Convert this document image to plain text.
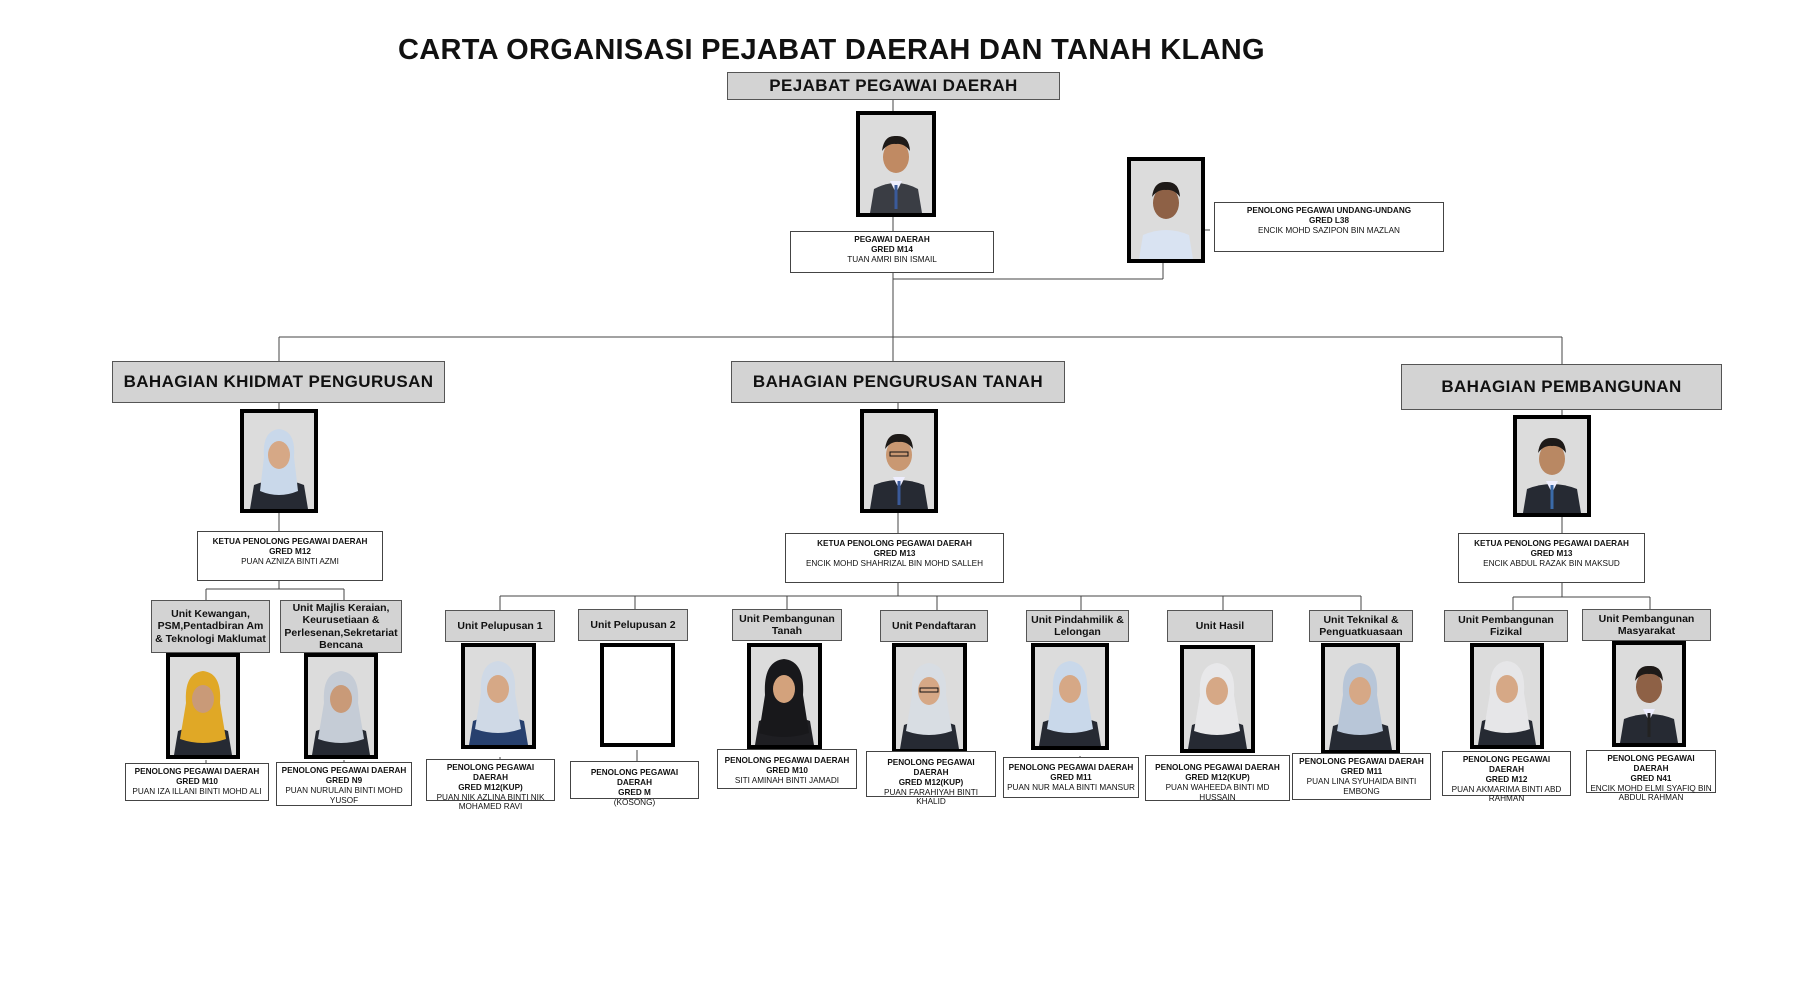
CARTA ORGANISASI PEJABAT DAERAH DAN TANAH KLANG
PEJABAT PEGAWAI DAERAH
PEGAWAI DAERAH
GRED M14
TUAN AMRI BIN ISMAIL
PENOLONG PEGAWAI UNDANG-UNDANG
GRED L38
ENCIK MOHD SAZIPON BIN MAZLAN
BAHAGIAN KHIDMAT PENGURUSAN	BAHAGIAN PENGURUSAN TANAH	BAHAGIAN PEMBANGUNAN
KETUA PENOLONG PEGAWAI DAERAH
GRED M12
PUAN AZNIZA BINTI AZMI
KETUA PENOLONG PEGAWAI DAERAH
GRED M13
ENCIK MOHD SHAHRIZAL BIN MOHD SALLEH
KETUA PENOLONG PEGAWAI DAERAH
GRED M13
ENCIK ABDUL RAZAK BIN MAKSUD
Unit Kewangan, PSM,Pentadbiran Am & Teknologi Maklumat
Unit Majlis Keraian, Keurusetiaan & Perlesenan,Sekretariat Bencana
Unit Pelupusan 1	Unit Pelupusan 2
Unit Pembangunan Tanah	Unit Pendaftaran
Unit Pindahmilik & Lelongan
Unit Hasil
Unit Teknikal & Penguatkuasaan
Unit Pembangunan Fizikal
Unit Pembangunan Masyarakat
PENOLONG PEGAWAI DAERAH
GRED M10
PUAN IZA ILLANI BINTI MOHD ALI
PENOLONG PEGAWAI DAERAH
GRED N9
PUAN NURULAIN BINTI MOHD YUSOF
PENOLONG PEGAWAI DAERAH
GRED M12(KUP)
PUAN NIK AZLINA BINTI NIK MOHAMED RAVI
PENOLONG PEGAWAI DAERAH
GRED M
(KOSONG)
PENOLONG PEGAWAI DAERAH
GRED M10
SITI AMINAH BINTI JAMADI
PENOLONG PEGAWAI DAERAH
GRED M12(KUP)
PUAN FARAHIYAH BINTI KHALID
PENOLONG PEGAWAI DAERAH
GRED M11
PUAN NUR MALA BINTI MANSUR
PENOLONG PEGAWAI DAERAH
GRED M12(KUP)
PUAN WAHEEDA BINTI MD HUSSAIN
PENOLONG PEGAWAI DAERAH
GRED M11
PUAN LINA SYUHAIDA BINTI EMBONG
PENOLONG PEGAWAI DAERAH
GRED M12
PUAN AKMARIMA BINTI ABD RAHMAN
PENOLONG PEGAWAI DAERAH
GRED N41
ENCIK MOHD ELMI SYAFIQ BIN ABDUL RAHMAN
